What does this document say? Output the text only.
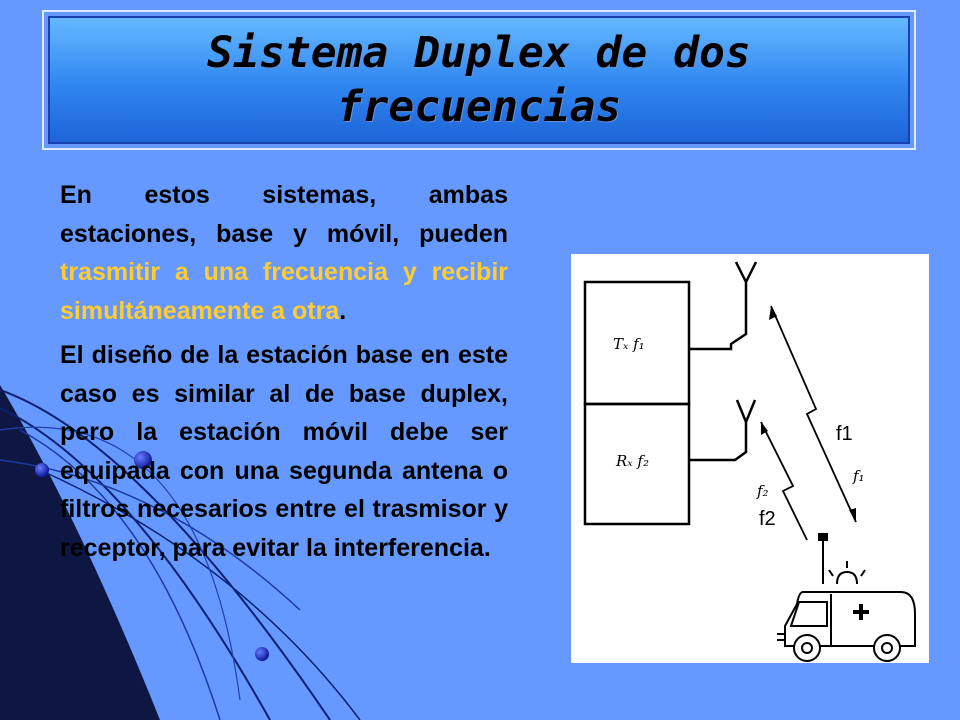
Sistema Duplex de dos frecuencias

En estos sistemas, ambas estaciones, base y móvil, pueden trasmitir a una frecuencia y recibir simultáneamente a otra.

El diseño de la estación base en este caso es similar al de base duplex, pero la estación móvil debe ser equipada con una segunda antena o filtros necesarios entre el trasmisor y receptor, para evitar la interferencia.

Tₓ f₁
Rₓ f₂
f₁
f₂
f1
f2
